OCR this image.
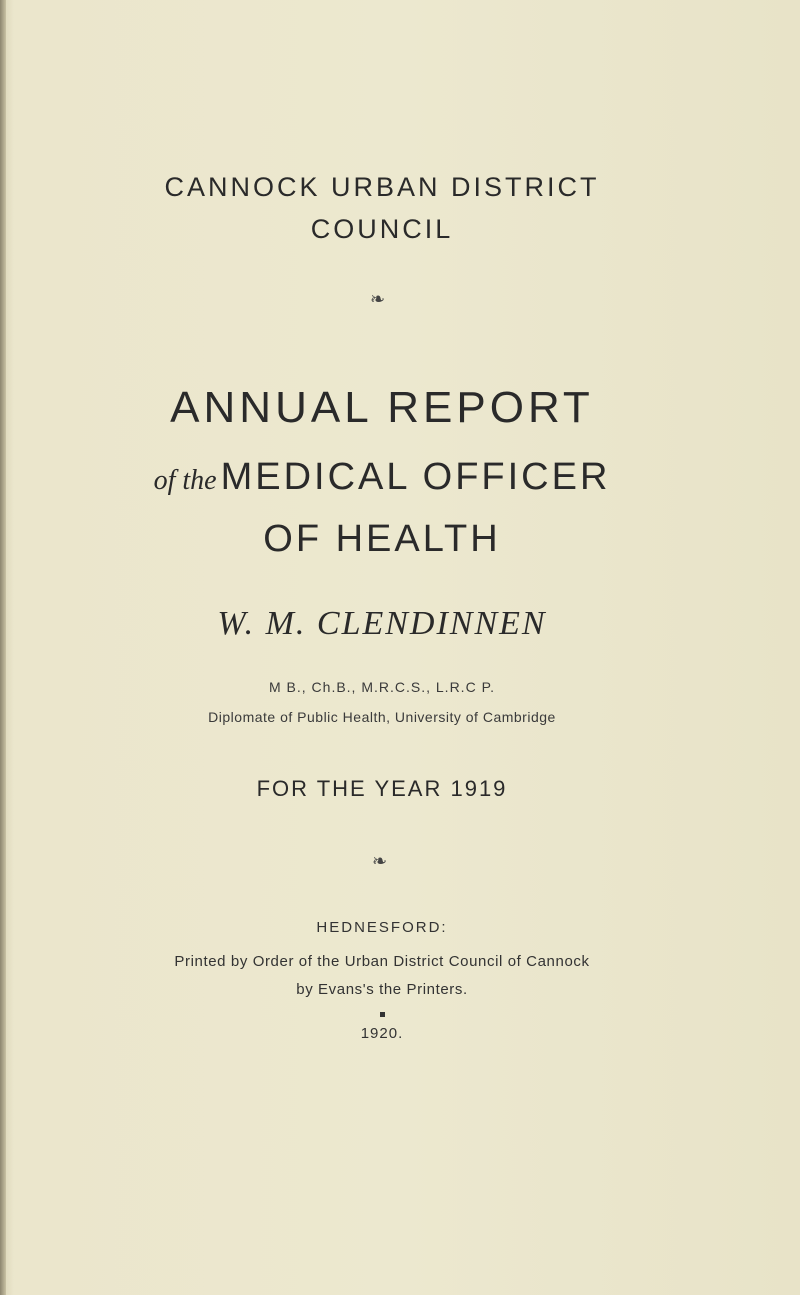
CANNOCK URBAN DISTRICT
COUNCIL
❧
ANNUAL REPORT
of the MEDICAL OFFICER
OF HEALTH
W. M. CLENDINNEN
M B., Ch.B., M.R.C.S., L.R.C P.
Diplomate of Public Health, University of Cambridge
FOR THE YEAR 1919
❧
HEDNESFORD:
Printed by Order of the Urban District Council of Cannock
by Evans's the Printers.
1920.
